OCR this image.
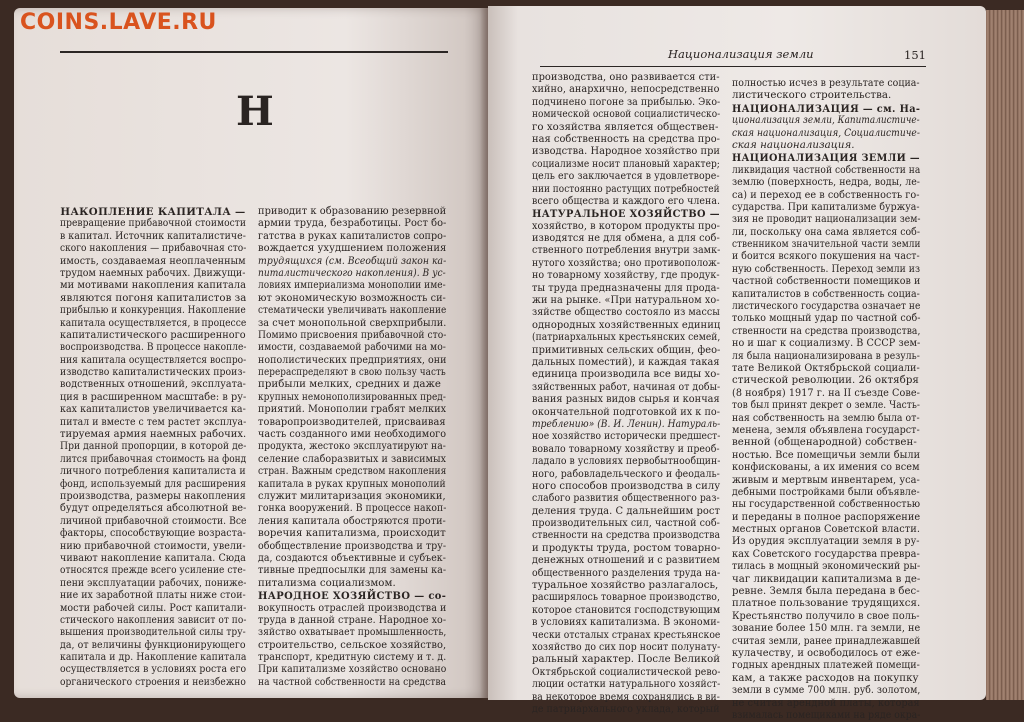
COINS.LAVE.RU
Национализация земли	151
Н
НАКОПЛЕНИЕ КАПИТАЛА —
превращение прибавочной стоимости
в капитал. Источник капиталистиче-
ского накопления — прибавочная сто-
имость, создаваемая неоплаченным
трудом наемных рабочих. Движущи-
ми мотивами накопления капитала
являются погоня капиталистов за
прибылью и конкуренция. Накопление
капитала осуществляется, в процессе
капиталистического расширенного
воспроизводства. В процессе накопле-
ния капитала осуществляется воспро-
изводство капиталистических произ-
водственных отношений, эксплуата-
ция в расширенном масштабе: в ру-
ках капиталистов увеличивается ка-
питал и вместе с тем растет эксплуа-
тируемая армия наемных рабочих.
При данной пропорции, в которой де-
лится прибавочная стоимость на фонд
личного потребления капиталиста и
фонд, используемый для расширения
производства, размеры накопления
будут определяться абсолютной ве-
личиной прибавочной стоимости. Все
факторы, способствующие возраста-
нию прибавочной стоимости, увели-
чивают накопление капитала. Сюда
относятся прежде всего усиление сте-
пени эксплуатации рабочих, пониже-
ние их заработной платы ниже стои-
мости рабочей силы. Рост капитали-
стического накопления зависит от по-
вышения производительной силы тру-
да, от величины функционирующего
капитала и др. Накопление капитала
осуществляется в условиях роста его
органического строения и неизбежно
приводит к образованию резервной
армии труда, безработицы. Рост бо-
гатства в руках капиталистов сопро-
вождается ухудшением положения
трудящихся (см. Всеобщий закон ка-
питалистического накопления). В ус-
ловиях империализма монополии име-
ют экономическую возможность си-
стематически увеличивать накопление
за счет монопольной сверхприбыли.
Помимо присвоения прибавочной сто-
имости, создаваемой рабочими на мо-
нополистических предприятиях, они
перераспределяют в свою пользу часть
прибыли мелких, средних и даже
крупных немонополизированных пред-
приятий. Монополии грабят мелких
товаропроизводителей, присваивая
часть созданного ими необходимого
продукта, жестоко эксплуатируют на-
селение слаборазвитых и зависимых
стран. Важным средством накопления
капитала в руках крупных монополий
служит милитаризация экономики,
гонка вооружений. В процессе накоп-
ления капитала обостряются проти-
воречия капитализма, происходит
обобществление производства и тру-
да, создаются объективные и субъек-
тивные предпосылки для замены ка-
питализма социализмом.
НАРОДНОЕ ХОЗЯЙСТВО — со-
вокупность отраслей производства и
труда в данной стране. Народное хо-
зяйство охватывает промышленность,
строительство, сельское хозяйство,
транспорт, кредитную систему и т. д.
При капитализме хозяйство основано
на частной собственности на средства
производства, оно развивается сти-
хийно, анархично, непосредственно
подчинено погоне за прибылью. Эко-
номической основой социалистическо-
го хозяйства является обществен-
ная собственность на средства про-
изводства. Народное хозяйство при
социализме носит плановый характер;
цель его заключается в удовлетворе-
нии постоянно растущих потребностей
всего общества и каждого его члена.
НАТУРАЛЬНОЕ ХОЗЯЙСТВО —
хозяйство, в котором продукты про-
изводятся не для обмена, а для соб-
ственного потребления внутри замк-
нутого хозяйства; оно противополож-
но товарному хозяйству, где продук-
ты труда предназначены для прода-
жи на рынке. «При натуральном хо-
зяйстве общество состояло из массы
однородных хозяйственных единиц
(патриархальных крестьянских семей,
примитивных сельских общин, фео-
дальных поместий), и каждая такая
единица производила все виды хо-
зяйственных работ, начиная от добы-
вания разных видов сырья и кончая
окончательной подготовкой их к по-
треблению» (В. И. Ленин). Натураль-
ное хозяйство исторически предшест-
вовало товарному хозяйству и преоб-
ладало в условиях первобытнообщин-
ного, рабовладельческого и феодаль-
ного способов производства в силу
слабого развития общественного раз-
деления труда. С дальнейшим рост
производительных сил, частной соб-
ственности на средства производства
и продукты труда, ростом товарно-
денежных отношений и с развитием
общественного разделения труда на-
туральное хозяйство разлагалось,
расширялось товарное производство,
которое становится господствующим
в условиях капитализма. В экономи-
чески отсталых странах крестьянское
хозяйство до сих пор носит полунату-
ральный характер. После Великой
Октябрьской социалистической рево-
люции остатки натурального хозяйст-
ва некоторое время сохранялись в ви-
де патриархального уклада, который
полностью исчез в результате социа-
листического строительства.
НАЦИОНАЛИЗАЦИЯ — см. На-
ционализация земли, Капиталистиче-
ская национализация, Социалистиче-
ская национализация.
НАЦИОНАЛИЗАЦИЯ ЗЕМЛИ —
ликвидация частной собственности на
землю (поверхность, недра, воды, ле-
са) и переход ее в собственность го-
сударства. При капитализме буржуа-
зия не проводит национализации зем-
ли, поскольку она сама является соб-
ственником значительной части земли
и боится всякого покушения на част-
ную собственность. Переход земли из
частной собственности помещиков и
капиталистов в собственность социа-
листического государства означает не
только мощный удар по частной соб-
ственности на средства производства,
но и шаг к социализму. В СССР зем-
ля была национализирована в резуль-
тате Великой Октябрьской социали-
стической революции. 26 октября
(8 ноября) 1917 г. на II съезде Сове-
тов был принят декрет о земле. Часть-
ная собственность на землю была от-
менена, земля объявлена государст-
венной (общенародной) собствен-
ностью. Все помещичьи земли были
конфискованы, а их имения со всем
живым и мертвым инвентарем, уса-
дебными постройками были объявле-
ны государственной собственностью
и переданы в полное распоряжение
местных органов Советской власти.
Из орудия эксплуатации земля в ру-
ках Советского государства превра-
тилась в мощный экономический ры-
чаг ликвидации капитализма в де-
ревне. Земля была передана в бес-
платное пользование трудящихся.
Крестьянство получило в свое поль-
зование более 150 млн. га земли, не
считая земли, ранее принадлежавшей
кулачеству, и освободилось от еже-
годных арендных платежей помещи-
кам, а также расходов на покупку
земли в сумме 700 млн. руб. золотом,
не считая арендной платы, которая
взималась помещиками на ряде окра-
